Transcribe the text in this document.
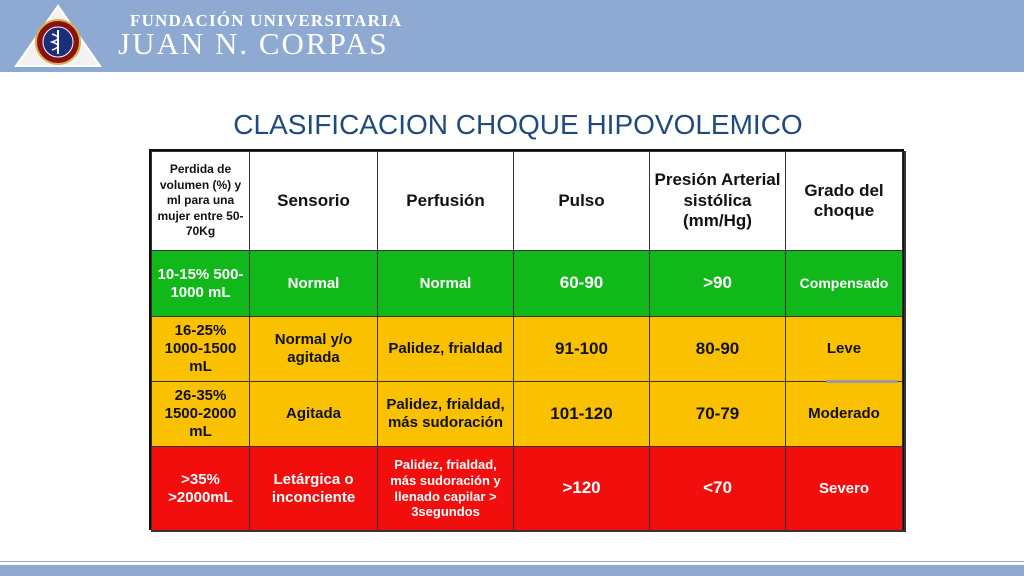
FUNDACIÓN UNIVERSITARIA
JUAN N. CORPAS
CLASIFICACION CHOQUE HIPOVOLEMICO
Perdida de volumen (%) y ml para una mujer entre 50-70Kg	Sensorio	Perfusión	Pulso	Presión Arterial sistólica (mm/Hg)	Grado del choque
10-15% 500-1000 mL	Normal	Normal	60-90	>90	Compensado
16-25% 1000-1500 mL	Normal y/o agitada	Palidez, frialdad	91-100	80-90	Leve
26-35% 1500-2000 mL	Agitada	Palidez, frialdad, más sudoración	101-120	70-79	Moderado
>35% >2000mL	Letárgica o inconciente	Palidez, frialdad, más sudoración y llenado capilar > 3segundos	>120	<70	Severo
